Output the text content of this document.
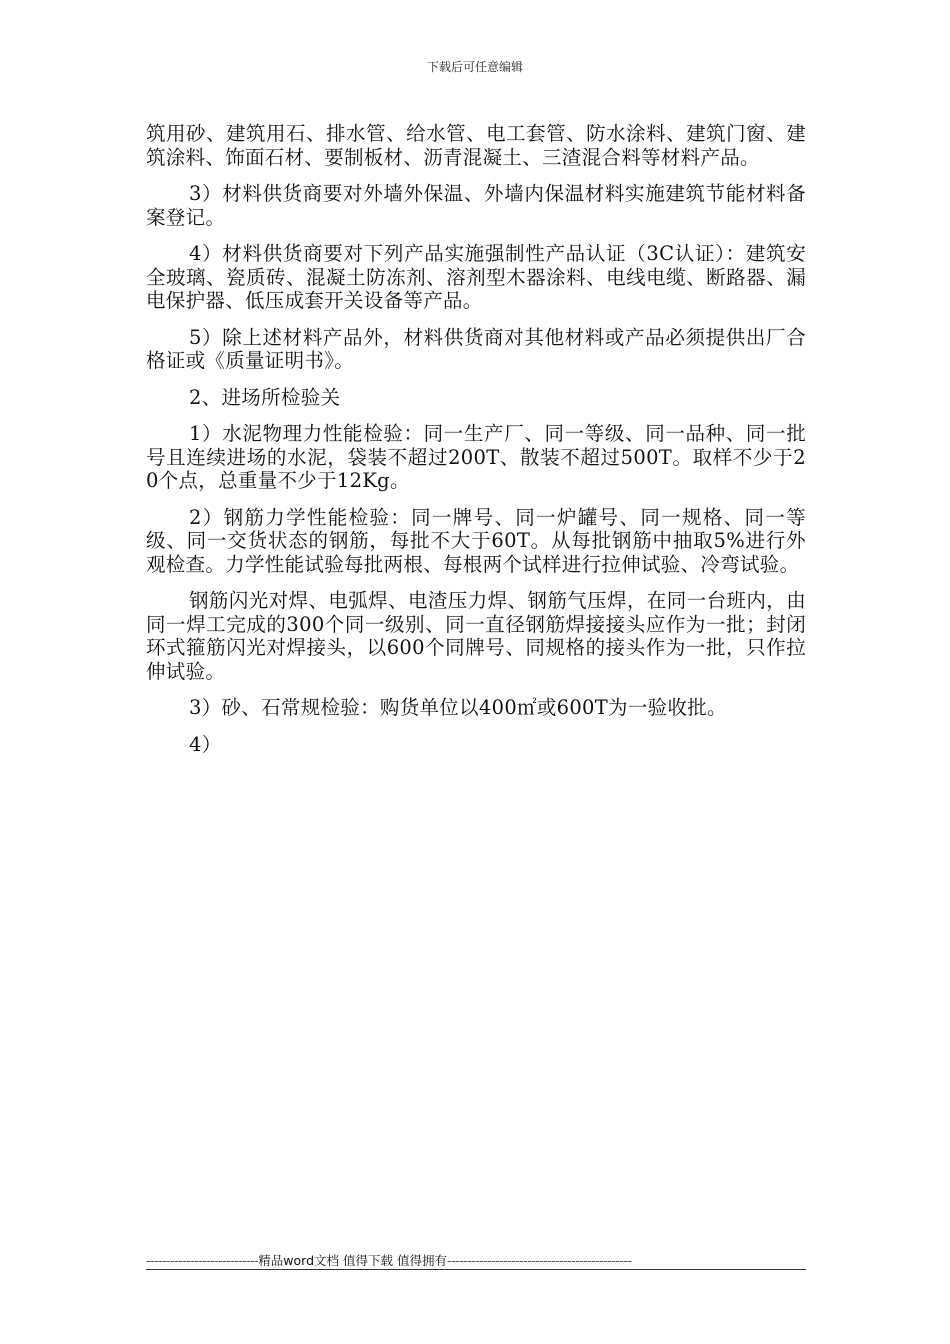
下载后可任意编辑

筑用砂、建筑用石、排水管、给水管、电工套管、防水涂料、建筑门窗、建筑涂料、饰面石材、要制板材、沥青混凝土、三渣混合料等材料产品。

3）材料供货商要对外墙外保温、外墙内保温材料实施建筑节能材料备案登记。

4）材料供货商要对下列产品实施强制性产品认证（3C认证）：建筑安全玻璃、瓷质砖、混凝土防冻剂、溶剂型木器涂料、电线电缆、断路器、漏电保护器、低压成套开关设备等产品。

5）除上述材料产品外，材料供货商对其他材料或产品必须提供出厂合格证或《质量证明书》。

2、进场所检验关

1）水泥物理力性能检验：同一生产厂、同一等级、同一品种、同一批号且连续进场的水泥，袋装不超过200T、散装不超过500T。取样不少于20个点，总重量不少于12Kg。

2）钢筋力学性能检验：同一牌号、同一炉罐号、同一规格、同一等级、同一交货状态的钢筋，每批不大于60T。从每批钢筋中抽取5%进行外观检查。力学性能试验每批两根、每根两个试样进行拉伸试验、冷弯试验。

钢筋闪光对焊、电弧焊、电渣压力焊、钢筋气压焊，在同一台班内，由同一焊工完成的300个同一级别、同一直径钢筋焊接接头应作为一批；封闭环式箍筋闪光对焊接头，以600个同牌号、同规格的接头作为一批，只作拉伸试验。

3）砂、石常规检验：购货单位以400㎡或600T为一验收批。

4）

----------------------------精品word文档 值得下载 值得拥有----------------------------------------------
